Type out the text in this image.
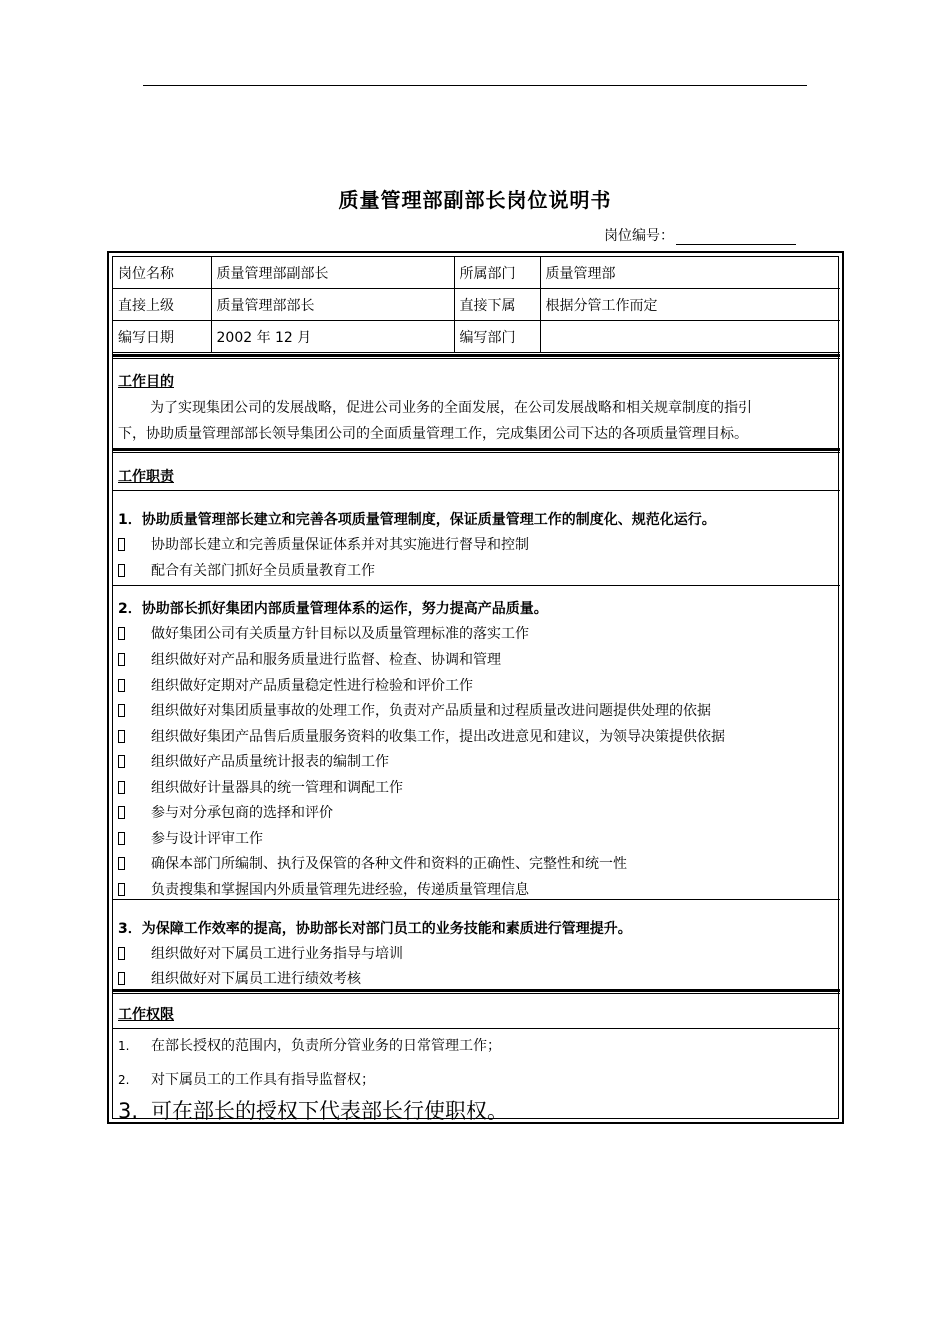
质量管理部副部长岗位说明书
岗位编号：
岗位名称	质量管理部副部长	所属部门	质量管理部
直接上级	质量管理部部长	直接下属	根据分管工作而定
编写日期	2002 年 12 月	编写部门	
工作目的
为了实现集团公司的发展战略，促进公司业务的全面发展，在公司发展战略和相关规章制度的指引
下，协助质量管理部部长领导集团公司的全面质量管理工作，完成集团公司下达的各项质量管理目标。
工作职责
1．协助质量管理部长建立和完善各项质量管理制度，保证质量管理工作的制度化、规范化运行。
协助部长建立和完善质量保证体系并对其实施进行督导和控制
配合有关部门抓好全员质量教育工作
2．协助部长抓好集团内部质量管理体系的运作，努力提高产品质量。
做好集团公司有关质量方针目标以及质量管理标准的落实工作
组织做好对产品和服务质量进行监督、检查、协调和管理
组织做好定期对产品质量稳定性进行检验和评价工作
组织做好对集团质量事故的处理工作，负责对产品质量和过程质量改进问题提供处理的依据
组织做好集团产品售后质量服务资料的收集工作，提出改进意见和建议，为领导决策提供依据
组织做好产品质量统计报表的编制工作
组织做好计量器具的统一管理和调配工作
参与对分承包商的选择和评价
参与设计评审工作
确保本部门所编制、执行及保管的各种文件和资料的正确性、完整性和统一性
负责搜集和掌握国内外质量管理先进经验，传递质量管理信息
3．为保障工作效率的提高，协助部长对部门员工的业务技能和素质进行管理提升。
组织做好对下属员工进行业务指导与培训
组织做好对下属员工进行绩效考核
工作权限
1. 在部长授权的范围内，负责所分管业务的日常管理工作；
2. 对下属员工的工作具有指导监督权；
3. 可在部长的授权下代表部长行使职权。
